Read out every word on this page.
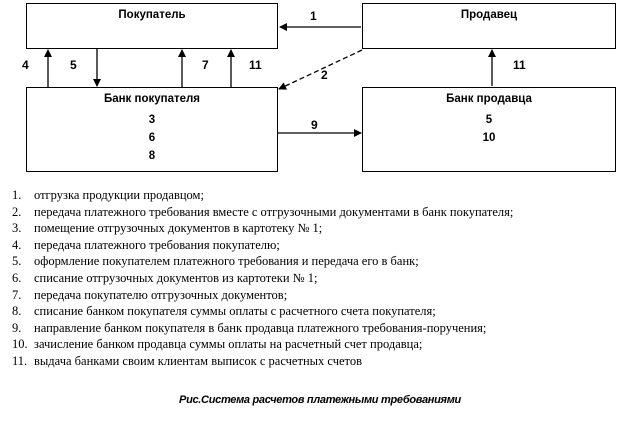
Покупатель	Продавец
Банк покупателя
3
6
8
Банк продавца
5
10
1
2
4	5	7	11
9
11
1. отгрузка продукции продавцом;
2. передача платежного требования вместе с отгрузочными документами в банк покупателя;
3. помещение отгрузочных документов в картотеку № 1;
4. передача платежного требования покупателю;
5. оформление покупателем платежного требования и передача его в банк;
6. списание отгрузочных документов из картотеки № 1;
7. передача покупателю отгрузочных документов;
8. списание банком покупателя суммы оплаты с расчетного счета покупателя;
9. направление банком покупателя в банк продавца платежного требования-поручения;
10. зачисление банком продавца суммы оплаты на расчетный счет продавца;
11. выдача банками своим клиентам выписок с расчетных счетов
Рис.Система расчетов платежными требованиями
